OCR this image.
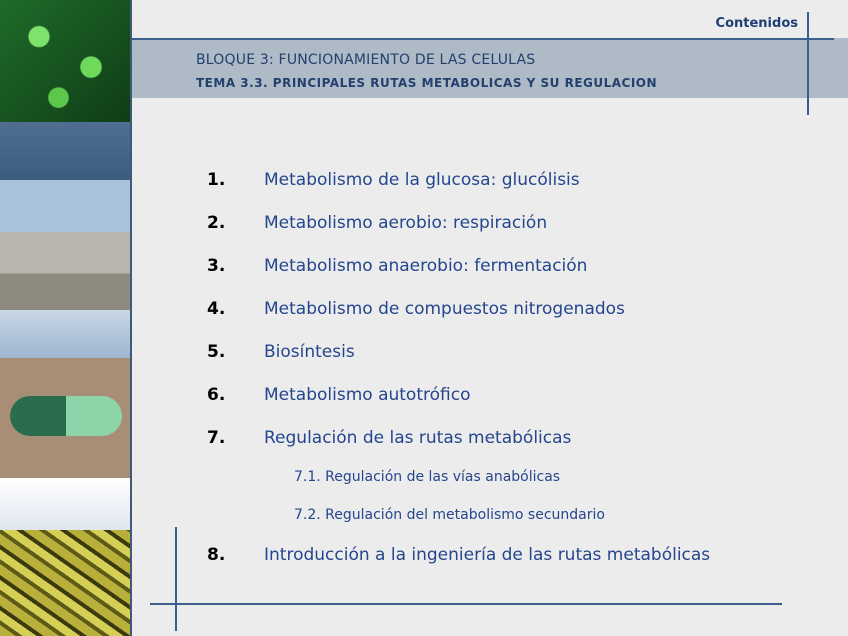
Contenidos
BLOQUE 3: FUNCIONAMIENTO DE LAS CELULAS
TEMA 3.3. PRINCIPALES RUTAS METABOLICAS Y SU REGULACION
1. Metabolismo de la glucosa: glucólisis
2. Metabolismo aerobio: respiración
3. Metabolismo anaerobio: fermentación
4. Metabolismo de compuestos nitrogenados
5. Biosíntesis
6. Metabolismo autotrófico
7. Regulación de las rutas metabólicas
7.1. Regulación de las vías anabólicas
7.2. Regulación del metabolismo secundario
8. Introducción a la ingeniería de las rutas metabólicas
